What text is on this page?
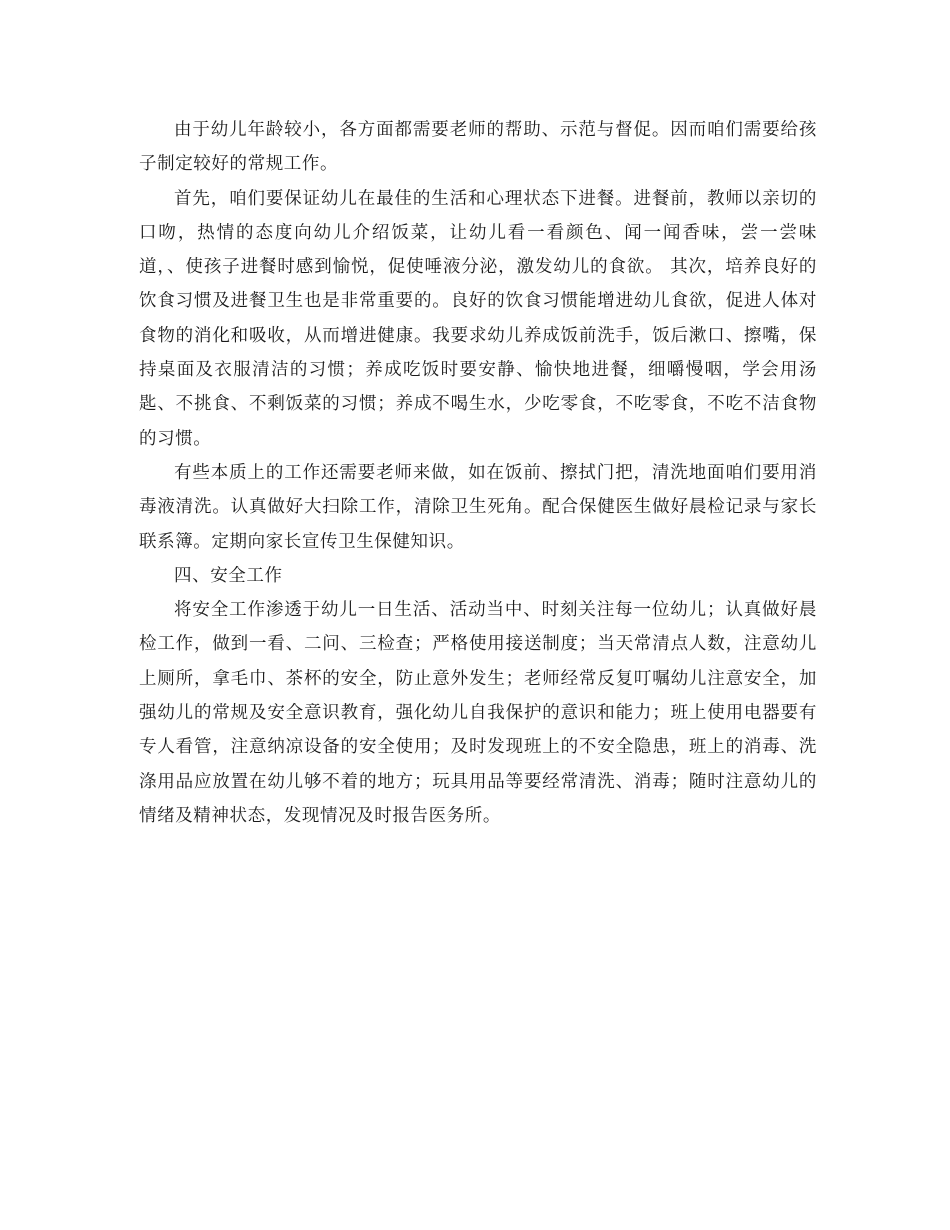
由于幼儿年龄较小，各方面都需要老师的帮助、示范与督促。因而咱们需要给孩子制定较好的常规工作。

首先，咱们要保证幼儿在最佳的生活和心理状态下进餐。进餐前，教师以亲切的口吻，热情的态度向幼儿介绍饭菜，让幼儿看一看颜色、闻一闻香味，尝一尝味道，、使孩子进餐时感到愉悦，促使唾液分泌，激发幼儿的食欲。 其次，培养良好的饮食习惯及进餐卫生也是非常重要的。良好的饮食习惯能增进幼儿食欲，促进人体对食物的消化和吸收，从而增进健康。我要求幼儿养成饭前洗手，饭后漱口、擦嘴，保持桌面及衣服清洁的习惯；养成吃饭时要安静、愉快地进餐，细嚼慢咽，学会用汤匙、不挑食、不剩饭菜的习惯；养成不喝生水，少吃零食，不吃零食，不吃不洁食物的习惯。

有些本质上的工作还需要老师来做，如在饭前、擦拭门把，清洗地面咱们要用消毒液清洗。认真做好大扫除工作，清除卫生死角。配合保健医生做好晨检记录与家长联系簿。定期向家长宣传卫生保健知识。

四、安全工作

将安全工作渗透于幼儿一日生活、活动当中、时刻关注每一位幼儿；认真做好晨检工作，做到一看、二问、三检查；严格使用接送制度；当天常清点人数，注意幼儿上厕所，拿毛巾、茶杯的安全，防止意外发生；老师经常反复叮嘱幼儿注意安全，加强幼儿的常规及安全意识教育，强化幼儿自我保护的意识和能力；班上使用电器要有专人看管，注意纳凉设备的安全使用；及时发现班上的不安全隐患，班上的消毒、洗涤用品应放置在幼儿够不着的地方；玩具用品等要经常清洗、消毒；随时注意幼儿的情绪及精神状态，发现情况及时报告医务所。
